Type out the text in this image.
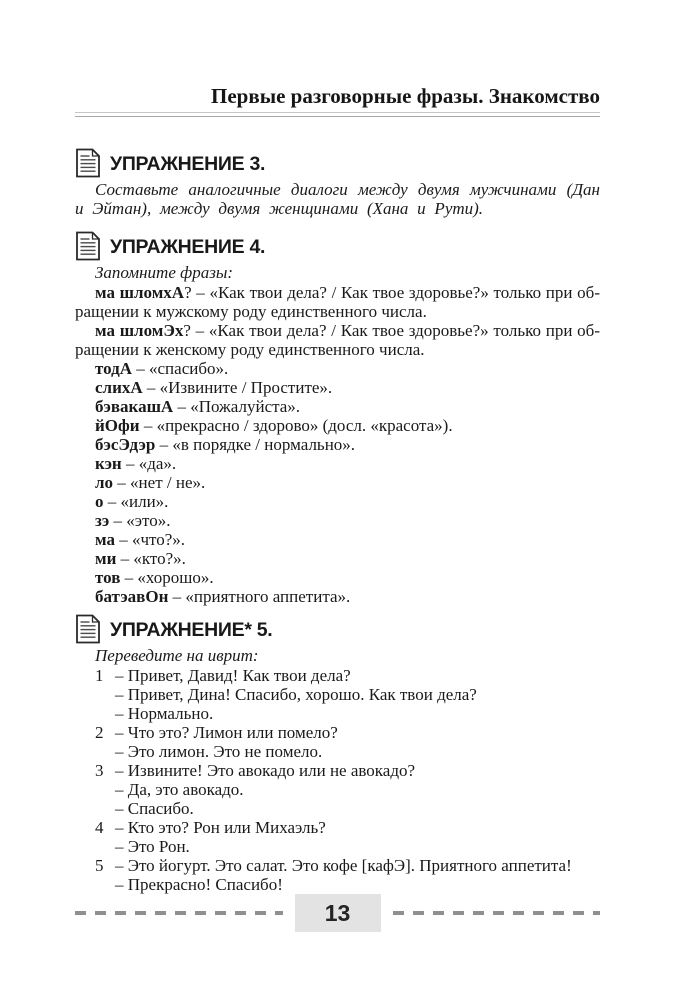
Первые разговорные фразы. Знакомство
УПРАЖНЕНИЕ 3.

Составьте аналогичные диалоги между двумя мужчинами (Дан и Эйтан), между двумя женщинами (Хана и Рути).

УПРАЖНЕНИЕ 4.

Запомните фразы:

ма шломхА? – «Как твои дела? / Как твое здоровье?» только при обращении к мужскому роду единственного числа.

ма шломЭх? – «Как твои дела? / Как твое здоровье?» только при обращении к женскому роду единственного числа.

тодА – «спасибо».

слихА – «Извините / Простите».

бэвакашА – «Пожалуйста».

йОфи – «прекрасно / здорово» (досл. «красота»).

бэсЭдэр – «в порядке / нормально».

кэн – «да».

ло – «нет / не».

о – «или».

зэ – «это».

ма – «что?».

ми – «кто?».

тов – «хорошо».

батэавОн – «приятного аппетита».

УПРАЖНЕНИЕ* 5.

Переведите на иврит:

1 – Привет, Давид! Как твои дела?
– Привет, Дина! Спасибо, хорошо. Как твои дела?
– Нормально.
2 – Что это? Лимон или помело?
– Это лимон. Это не помело.
3 – Извините! Это авокадо или не авокадо?
– Да, это авокадо.
– Спасибо.
4 – Кто это? Рон или Михаэль?
– Это Рон.
5 – Это йогурт. Это салат. Это кофе [кафЭ]. Приятного аппетита!
– Прекрасно! Спасибо!
13
